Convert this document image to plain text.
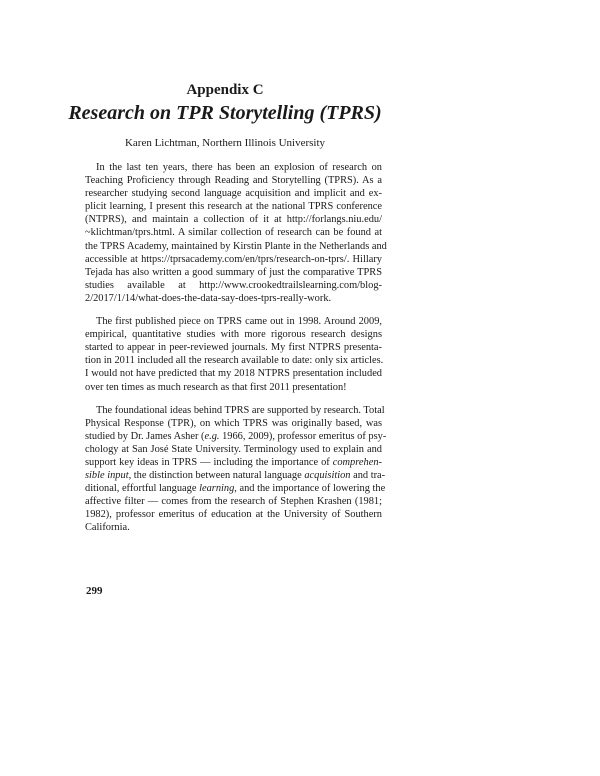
Appendix C
Research on TPR Storytelling (TPRS)
Karen Lichtman, Northern Illinois University

In the last ten years, there has been an explosion of research on
Teaching Proficiency through Reading and Storytelling (TPRS). As a
researcher studying second language acquisition and implicit and ex-
plicit learning, I present this research at the national TPRS conference
(NTPRS), and maintain a collection of it at http://forlangs.niu.edu/
~klichtman/tprs.html. A similar collection of research can be found at
the TPRS Academy, maintained by Kirstin Plante in the Netherlands and
accessible at https://tprsacademy.com/en/tprs/research-on-tprs/. Hillary
Tejada has also written a good summary of just the comparative TPRS
studies available at http://www.crookedtrailslearning.com/blog-
2/2017/1/14/what-does-the-data-say-does-tprs-really-work.

The first published piece on TPRS came out in 1998. Around 2009,
empirical, quantitative studies with more rigorous research designs
started to appear in peer-reviewed journals. My first NTPRS presenta-
tion in 2011 included all the research available to date: only six articles.
I would not have predicted that my 2018 NTPRS presentation included
over ten times as much research as that first 2011 presentation!

The foundational ideas behind TPRS are supported by research. Total
Physical Response (TPR), on which TPRS was originally based, was
studied by Dr. James Asher (e.g. 1966, 2009), professor emeritus of psy-
chology at San José State University. Terminology used to explain and
support key ideas in TPRS — including the importance of comprehen-
sible input, the distinction between natural language acquisition and tra-
ditional, effortful language learning, and the importance of lowering the
affective filter — comes from the research of Stephen Krashen (1981;
1982), professor emeritus of education at the University of Southern
California.

299
